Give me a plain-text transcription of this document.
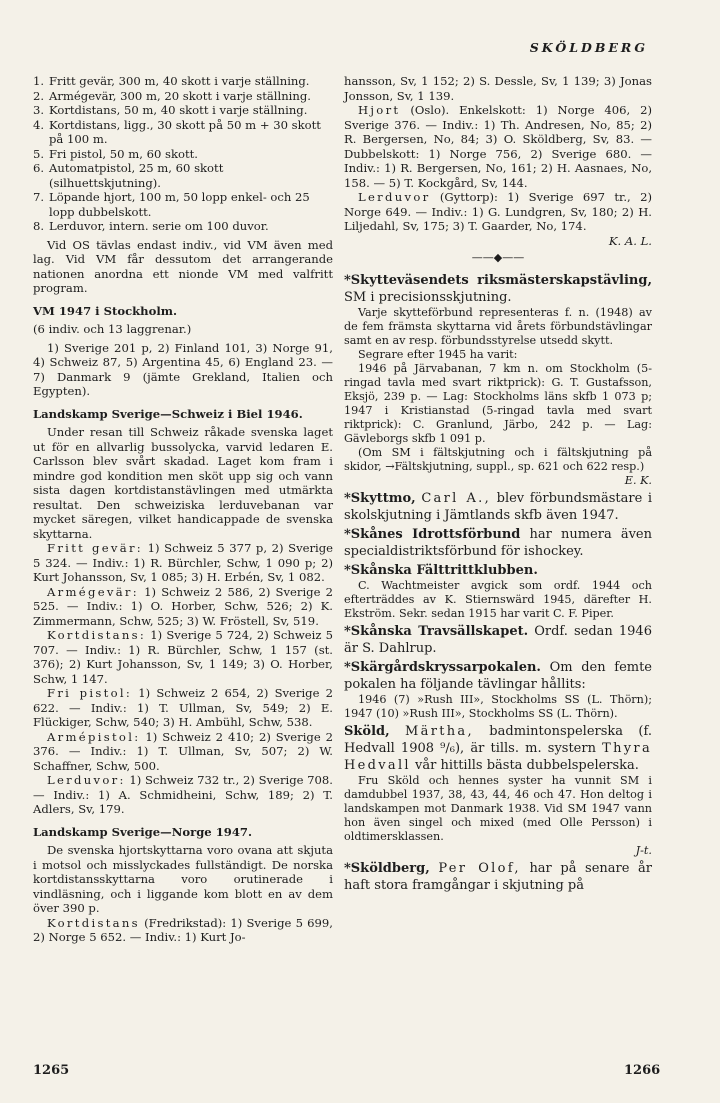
SKÖLDBERG
1. Fritt gevär, 300 m, 40 skott i varje ställning.
2. Armégevär, 300 m, 20 skott i varje ställning.
3. Kortdistans, 50 m, 40 skott i varje ställning.
4. Kortdistans, ligg., 30 skott på 50 m + 30 skott på 100 m.
5. Fri pistol, 50 m, 60 skott.
6. Automatpistol, 25 m, 60 skott (silhuettskjutning).
7. Löpande hjort, 100 m, 50 lopp enkel- och 25 lopp dubbelskott.
8. Lerduvor, intern. serie om 100 duvor.

Vid OS tävlas endast indiv., vid VM även med lag. Vid VM får dessutom det arrangerande nationen anordna ett nionde VM med valfritt program.

VM 1947 i Stockholm.

(6 indiv. och 13 laggrenar.)

1) Sverige 201 p, 2) Finland 101, 3) Norge 91, 4) Schweiz 87, 5) Argentina 45, 6) England 23. — 7) Danmark 9 (jämte Grekland, Italien och Egypten).

Landskamp Sverige—Schweiz i Biel 1946.

Under resan till Schweiz råkade svenska laget ut för en allvarlig bussolycka, varvid ledaren E. Carlsson blev svårt skadad. Laget kom fram i mindre god kondition men sköt upp sig och vann sista dagen kortdistanstävlingen med utmärkta resultat. Den schweiziska lerduvebanan var mycket säregen, vilket handicappade de svenska skyttarna.

Fritt gevär: 1) Schweiz 5 377 p, 2) Sverige 5 324. — Indiv.: 1) R. Bürchler, Schw, 1 090 p; 2) Kurt Johansson, Sv, 1 085; 3) H. Erbén, Sv, 1 082.

Armégevär: 1) Schweiz 2 586, 2) Sverige 2 525. — Indiv.: 1) O. Horber, Schw, 526; 2) K. Zimmermann, Schw, 525; 3) W. Fröstell, Sv, 519.

Kortdistans: 1) Sverige 5 724, 2) Schweiz 5 707. — Indiv.: 1) R. Bürchler, Schw, 1 157 (st. 376); 2) Kurt Johansson, Sv, 1 149; 3) O. Horber, Schw, 1 147.

Fri pistol: 1) Schweiz 2 654, 2) Sverige 2 622. — Indiv.: 1) T. Ullman, Sv, 549; 2) E. Flückiger, Schw, 540; 3) H. Ambühl, Schw, 538.

Armépistol: 1) Schweiz 2 410; 2) Sverige 2 376. — Indiv.: 1) T. Ullman, Sv, 507; 2) W. Schaffner, Schw, 500.

Lerduvor: 1) Schweiz 732 tr., 2) Sverige 708. — Indiv.: 1) A. Schmidheini, Schw, 189; 2) T. Adlers, Sv, 179.

Landskamp Sverige—Norge 1947.

De svenska hjortskyttarna voro ovana att skjuta i motsol och misslyckades fullständigt. De norska kortdistansskyttarna voro orutinerade i vindläsning, och i liggande kom blott en av dem över 390 p.

Kortdistans (Fredrikstad): 1) Sverige 5 699, 2) Norge 5 652. — Indiv.: 1) Kurt Jo-

hansson, Sv, 1 152; 2) S. Dessle, Sv, 1 139; 3) Jonas Jonsson, Sv, 1 139.

Hjort (Oslo). Enkelskott: 1) Norge 406, 2) Sverige 376. — Indiv.: 1) Th. Andresen, No, 85; 2) R. Bergersen, No, 84; 3) O. Sköldberg, Sv, 83. — Dubbelskott: 1) Norge 756, 2) Sverige 680. — Indiv.: 1) R. Bergersen, No, 161; 2) H. Aasnaes, No, 158. — 5) T. Kockgård, Sv, 144.

Lerduvor (Gyttorp): 1) Sverige 697 tr., 2) Norge 649. — Indiv.: 1) G. Lundgren, Sv, 180; 2) H. Liljedahl, Sv, 175; 3) T. Gaarder, No, 174.

K. A. L.

——◆——

*Skytteväsendets riksmästerskapstävling, SM i precisionsskjutning.

Varje skytteförbund representeras f. n. (1948) av de fem främsta skyttarna vid årets förbundstävlingar samt en av resp. förbundsstyrelse utsedd skytt.

Segrare efter 1945 ha varit:

1946 på Järvabanan, 7 km n. om Stockholm (5-ringad tavla med svart riktprick): G. T. Gustafsson, Eksjö, 239 p. — Lag: Stockholms läns skfb 1 073 p; 1947 i Kristianstad (5-ringad tavla med svart riktprick): C. Granlund, Järbo, 242 p. — Lag: Gävleborgs skfb 1 091 p.

(Om SM i fältskjutning och i fältskjutning på skidor, →Fältskjutning, suppl., sp. 621 och 622 resp.)

E. K.

*Skyttmo, Carl A., blev förbundsmästare i skolskjutning i Jämtlands skfb även 1947.

*Skånes Idrottsförbund har numera även specialdistriktsförbund för ishockey.

*Skånska Fälttrittklubben.

C. Wachtmeister avgick som ordf. 1944 och efterträddes av K. Stiernswärd 1945, därefter H. Ekström. Sekr. sedan 1915 har varit C. F. Piper.

*Skånska Travsällskapet. Ordf. sedan 1946 är S. Dahlrup.

*Skärgårdskryssarpokalen. Om den femte pokalen ha följande tävlingar hållits:

1946 (7) »Rush III», Stockholms SS (L. Thörn); 1947 (10) »Rush III», Stockholms SS (L. Thörn).

Sköld, Märtha, badmintonspelerska (f. Hedvall 1908 ⁹/₆), är tills. m. systern Thyra Hedvall vår hittills bästa dubbelspelerska.

Fru Sköld och hennes syster ha vunnit SM i damdubbel 1937, 38, 43, 44, 46 och 47. Hon deltog i landskampen mot Danmark 1938. Vid SM 1947 vann hon även singel och mixed (med Olle Persson) i oldtimersklassen.

J-t.

*Sköldberg, Per Olof, har på senare år haft stora framgångar i skjutning på

1265	1266
